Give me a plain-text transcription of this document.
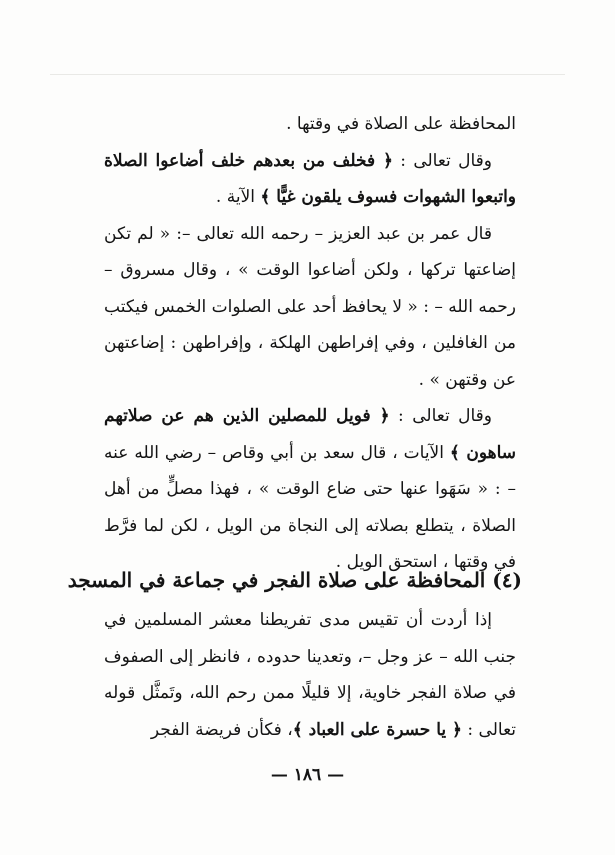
المحافظة على الصلاة في وقتها .

وقال تعالى : ﴿ فخلف من بعدهم خلف أضاعوا الصلاة واتبعوا الشهوات فسوف يلقون غيًّا ﴾ الآية .

قال عمر بن عبد العزيز – رحمه الله تعالى –: « لم تكن إضاعتها تركها ، ولكن أضاعوا الوقت » ، وقال مسروق – رحمه الله – : « لا يحافظ أحد على الصلوات الخمس فيكتب من الغافلين ، وفي إفراطهن الهلكة ، وإفراطهن : إضاعتهن عن وقتهن » .

وقال تعالى : ﴿ فويل للمصلين الذين هم عن صلاتهم ساهون ﴾ الآيات ، قال سعد بن أبي وقاص – رضي الله عنه – : « سَهَوا عنها حتى ضاع الوقت » ، فهذا مصلٍّ من أهل الصلاة ، يتطلع بصلاته إلى النجاة من الويل ، لكن لما فرَّط في وقتها ، استحق الويل .

(٤) المحافظة على صلاة الفجر في جماعة في المسجد

إذا أردت أن تقيس مدى تفريطنا معشر المسلمين في جنب الله – عز وجل –، وتعدينا حدوده ، فانظر إلى الصفوف في صلاة الفجر خاوية، إلا قليلًا ممن رحم الله، وتَمثَّل قوله تعالى : ﴿ يا حسرة على العباد ﴾، فكأن فريضة الفجر

— ١٨٦ —
